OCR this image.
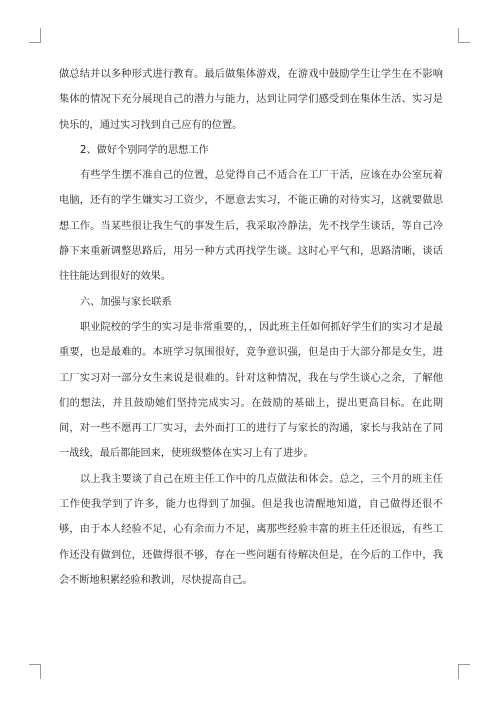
做总结并以多种形式进行教育。最后做集体游戏，在游戏中鼓励学生让学生在不影响集体的情况下充分展现自己的潜力与能力，达到让同学们感受到在集体生活、实习是快乐的，通过实习找到自己应有的位置。

2、做好个别同学的思想工作

有些学生摆不准自己的位置，总觉得自己不适合在工厂干活，应该在办公室玩着电脑，还有的学生嫌实习工资少，不愿意去实习，不能正确的对待实习，这就要做思想工作。当某些很让我生气的事发生后，我采取冷静法，先不找学生谈话，等自己冷静下来重新调整思路后，用另一种方式再找学生谈。这时心平气和，思路清晰，谈话往往能达到很好的效果。

六、加强与家长联系

职业院校的学生的实习是非常重要的，，因此班主任如何抓好学生们的实习才是最重要，也是最难的。本班学习氛围很好，竞争意识强，但是由于大部分都是女生，进工厂实习对一部分女生来说是很难的。针对这种情况，我在与学生谈心之余，了解他们的想法，并且鼓励她们坚持完成实习。在鼓励的基础上，提出更高目标。在此期间，对一些不愿再工厂实习，去外面打工的进行了与家长的沟通，家长与我站在了同一战线，最后都能回来，使班级整体在实习上有了进步。

以上我主要谈了自己在班主任工作中的几点做法和体会。总之，三个月的班主任工作使我学到了许多，能力也得到了加强。但是我也清醒地知道，自己做得还很不够，由于本人经验不足，心有余而力不足，离那些经验丰富的班主任还很远，有些工作还没有做到位，还做得很不够，存在一些问题有待解决但是，在今后的工作中，我会不断地积累经验和教训，尽快提高自己。
